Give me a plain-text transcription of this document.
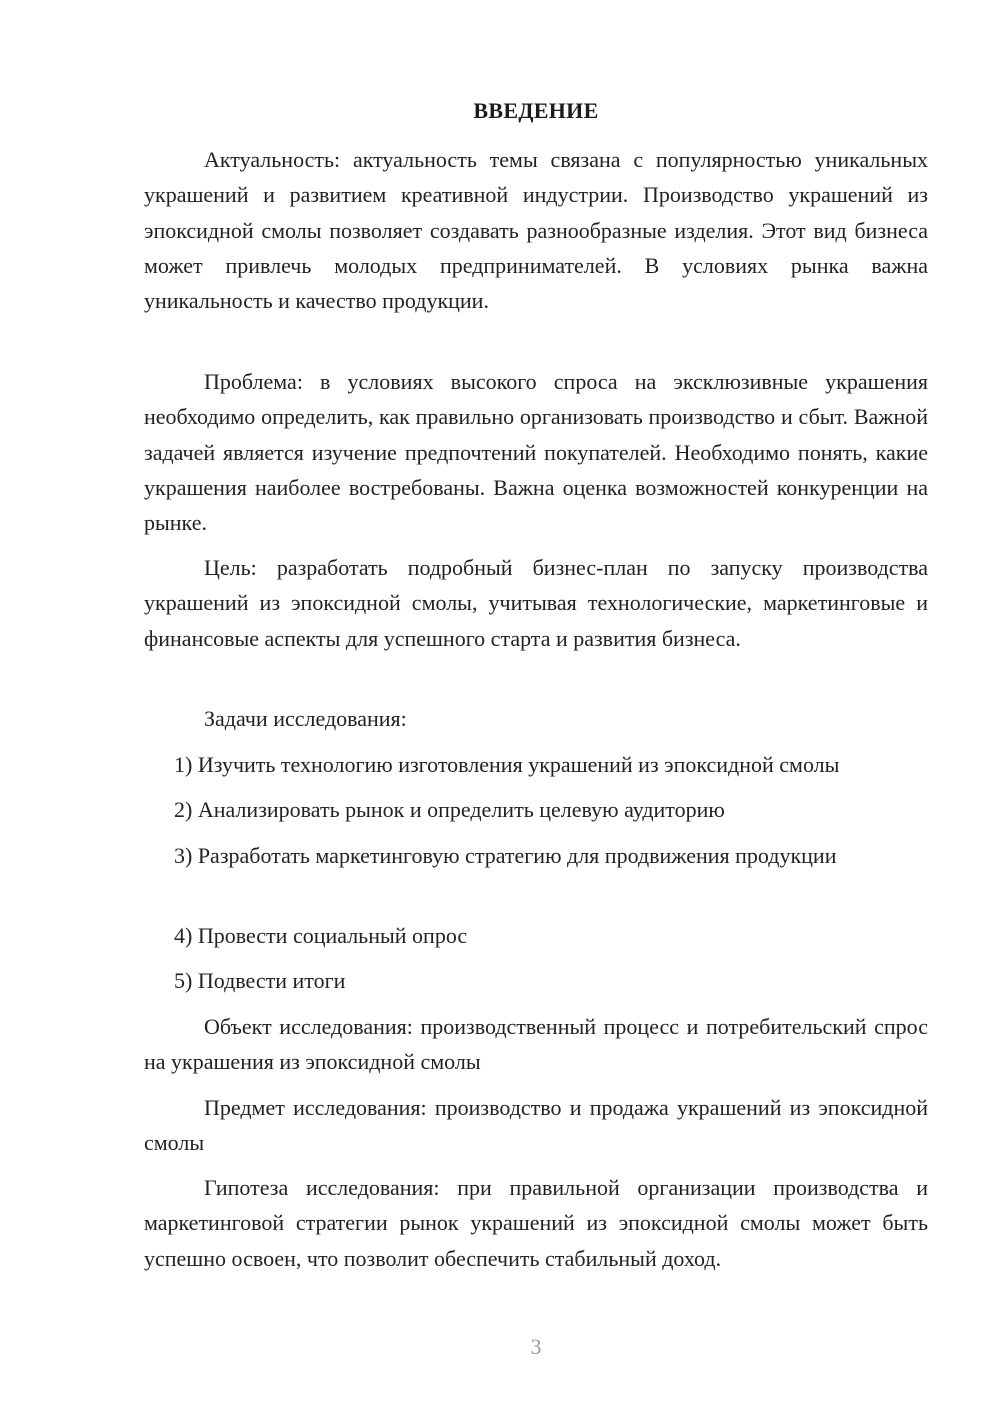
ВВЕДЕНИЕ

Актуальность: актуальность темы связана с популярностью уникальных украшений и развитием креативной индустрии. Производство украшений из эпоксидной смолы позволяет создавать разнообразные изделия. Этот вид бизнеса может привлечь молодых предпринимателей. В условиях рынка важна уникальность и качество продукции.

Проблема: в условиях высокого спроса на эксклюзивные украшения необходимо определить, как правильно организовать производство и сбыт. Важной задачей является изучение предпочтений покупателей. Необходимо понять, какие украшения наиболее востребованы. Важна оценка возможностей конкуренции на рынке.

Цель: разработать подробный бизнес-план по запуску производства украшений из эпоксидной смолы, учитывая технологические, маркетинговые и финансовые аспекты для успешного старта и развития бизнеса.

Задачи исследования:

1) Изучить технологию изготовления украшений из эпоксидной смолы

2) Анализировать рынок и определить целевую аудиторию

3) Разработать маркетинговую стратегию для продвижения продукции

4) Провести социальный опрос

5) Подвести итоги

Объект исследования: производственный процесс и потребительский спрос на украшения из эпоксидной смолы

Предмет исследования: производство и продажа украшений из эпоксидной смолы

Гипотеза исследования: при правильной организации производства и маркетинговой стратегии рынок украшений из эпоксидной смолы может быть успешно освоен, что позволит обеспечить стабильный доход.

3
